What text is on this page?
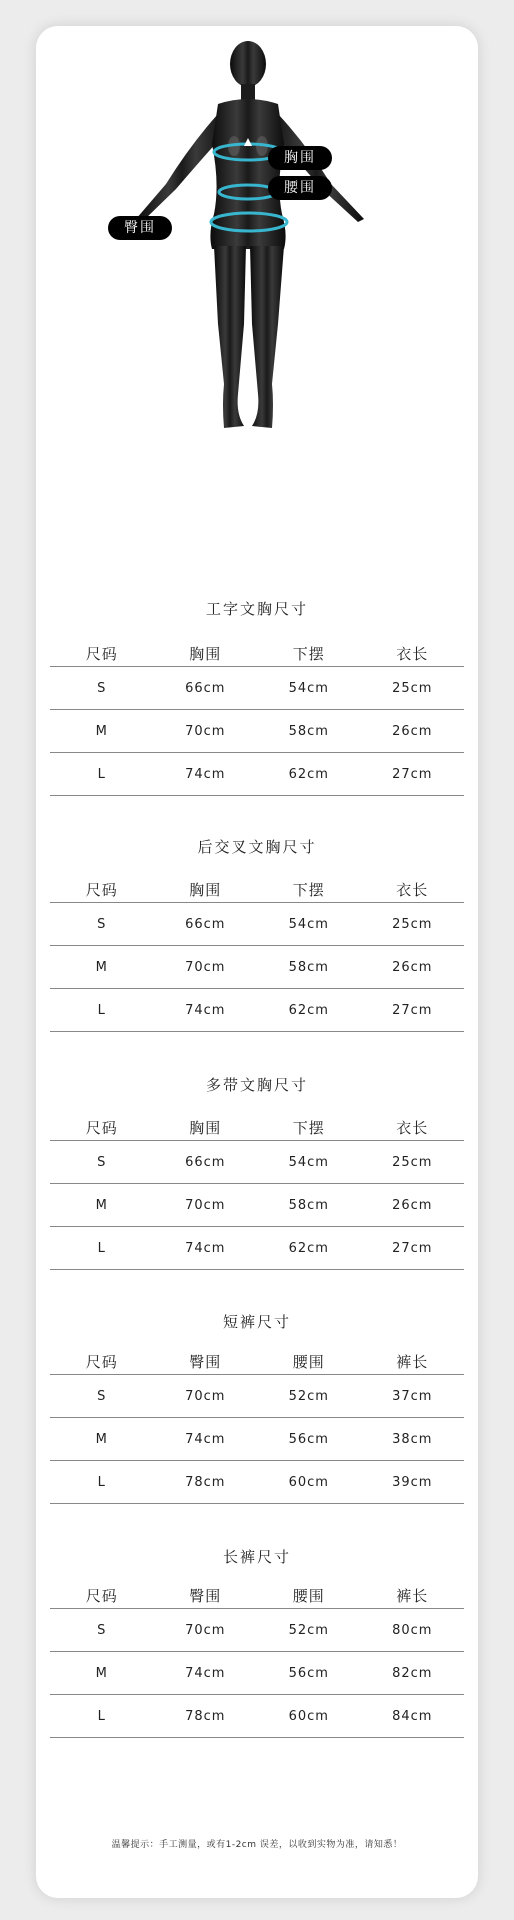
胸围
腰围
臀围
工字文胸尺寸
尺码	胸围	下摆	衣长
S	66cm	54cm	25cm
M	70cm	58cm	26cm
L	74cm	62cm	27cm
后交叉文胸尺寸
尺码	胸围	下摆	衣长
S	66cm	54cm	25cm
M	70cm	58cm	26cm
L	74cm	62cm	27cm
多带文胸尺寸
尺码	胸围	下摆	衣长
S	66cm	54cm	25cm
M	70cm	58cm	26cm
L	74cm	62cm	27cm
短裤尺寸
尺码	臀围	腰围	裤长
S	70cm	52cm	37cm
M	74cm	56cm	38cm
L	78cm	60cm	39cm
长裤尺寸
尺码	臀围	腰围	裤长
S	70cm	52cm	80cm
M	74cm	56cm	82cm
L	78cm	60cm	84cm
温馨提示：手工测量，或有1-2cm 误差，以收到实物为准，请知悉！
